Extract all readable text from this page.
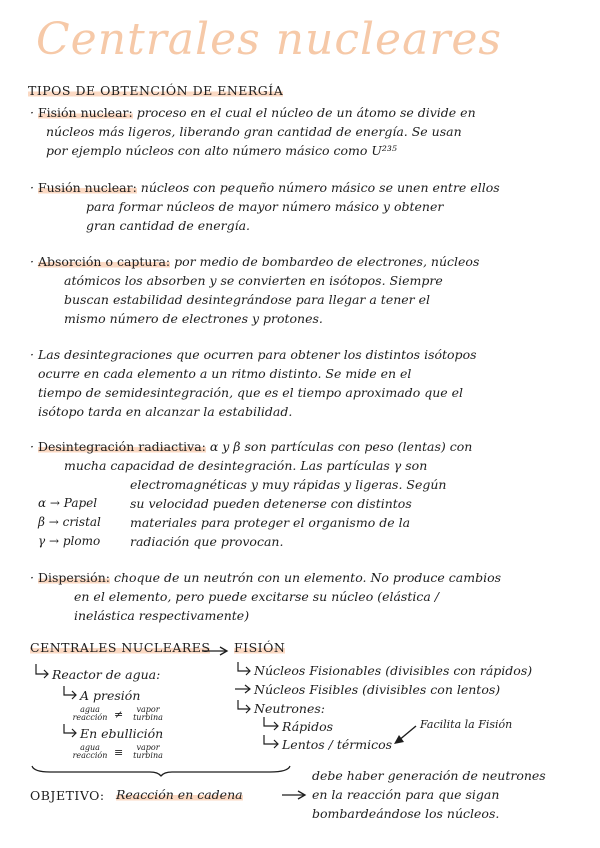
Centrales nucleares
TIPOS DE OBTENCIÓN DE ENERGÍA
· Fisión nuclear: proceso en el cual el núcleo de un átomo se divide en
núcleos más ligeros, liberando gran cantidad de energía. Se usan
por ejemplo núcleos con alto número másico como U²³⁵
· Fusión nuclear: núcleos con pequeño número másico se unen entre ellos
para formar núcleos de mayor número másico y obtener
gran cantidad de energía.
· Absorción o captura: por medio de bombardeo de electrones, núcleos
atómicos los absorben y se convierten en isótopos. Siempre
buscan estabilidad desintegrándose para llegar a tener el
mismo número de electrones y protones.
· Las desintegraciones que ocurren para obtener los distintos isótopos
ocurre en cada elemento a un ritmo distinto. Se mide en el
tiempo de semidesintegración, que es el tiempo aproximado que el
isótopo tarda en alcanzar la estabilidad.
· Desintegración radiactiva: α y β son partículas con peso (lentas) con
mucha capacidad de desintegración. Las partículas γ son
electromagnéticas y muy rápidas y ligeras. Según
su velocidad pueden detenerse con distintos
materiales para proteger el organismo de la
radiación que provocan.
α → Papel
β → cristal
γ → plomo
· Dispersión: choque de un neutrón con un elemento. No produce cambios
en el elemento, pero puede excitarse su núcleo (elástica /
inelástica respectivamente)
CENTRALES NUCLEARES FISIÓN
Reactor de agua:
A presión
agua reacción ≠	vapor turbina
En ebullición
agua reacción ≡	vapor turbina
Núcleos Fisionables (divisibles con rápidos)
Núcleos Fisibles (divisibles con lentos)
Neutrones:
Rápidos
Lentos / térmicos
Facilita la Fisión
OBJETIVO: Reacción en cadena
debe haber generación de neutrones
en la reacción para que sigan
bombardeándose los núcleos.
